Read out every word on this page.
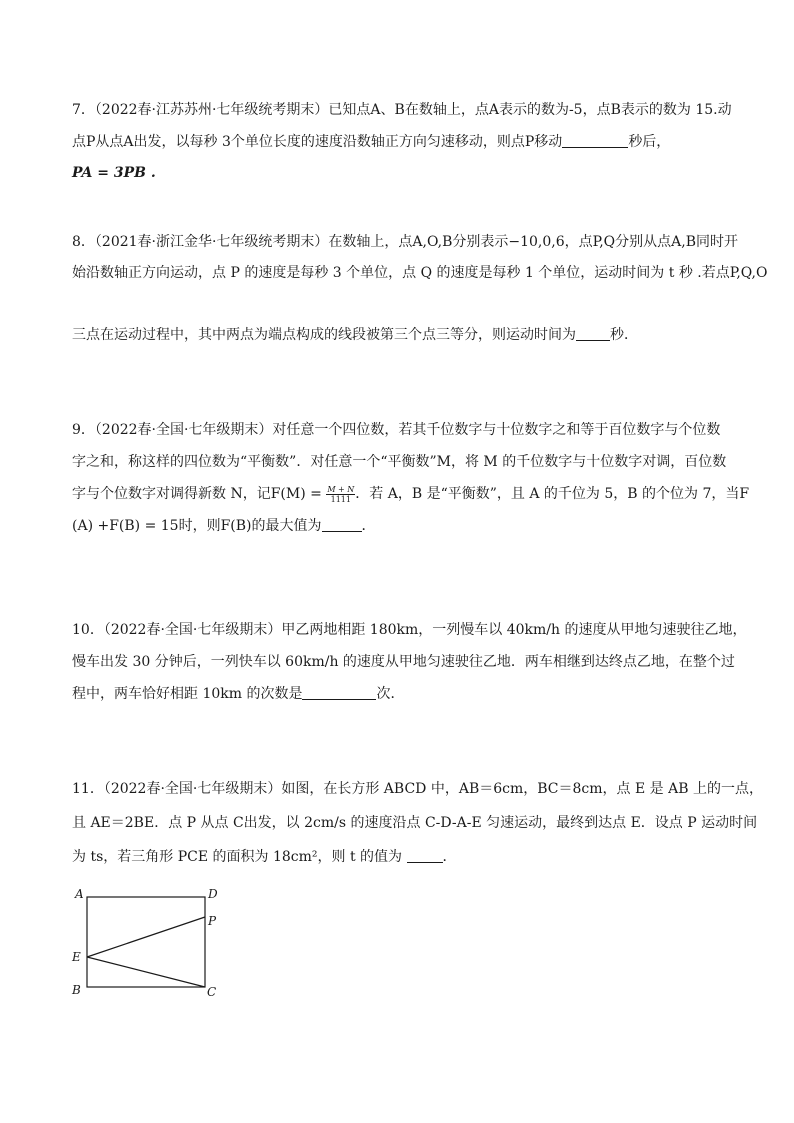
7．（2022春·江苏苏州·七年级统考期末）已知点A、B在数轴上，点A表示的数为-5，点B表示的数为 15.动
点P从点A出发，以每秒 3个单位长度的速度沿数轴正方向匀速移动，则点P移动	秒后，
PA = 3PB .
8．（2021春·浙江金华·七年级统考期末）在数轴上，点A,O,B分别表示−10,0,6，点P,Q分别从点A,B同时开
始沿数轴正方向运动，点 P 的速度是每秒 3 个单位，点 Q 的速度是每秒 1 个单位，运动时间为 t 秒 .若点P,Q,O
三点在运动过程中，其中两点为端点构成的线段被第三个点三等分，则运动时间为 秒．
9．（2022春·全国·七年级期末）对任意一个四位数，若其千位数字与十位数字之和等于百位数字与个位数
字之和，称这样的四位数为“平衡数”．对任意一个“平衡数”M，将 M 的千位数字与十位数字对调，百位数
字与个位数字对调得新数 N，记$F(M) = \frac{M + N}{1111}$ ．若 A，B 是“平衡数”，且 A 的千位为 5，B 的个位为 7，当F
(A) +F(B) = 15时，则F(B)的最大值为	．
10．（2022春·全国·七年级期末）甲乙两地相距 180km，一列慢车以 40km/h 的速度从甲地匀速驶往乙地，
慢车出发 30 分钟后，一列快车以 60km/h 的速度从甲地匀速驶往乙地．两车相继到达终点乙地，在整个过
程中，两车恰好相距 10km 的次数是	次．
11．（2022春·全国·七年级期末）如图，在长方形 ABCD 中，AB＝6cm，BC＝8cm，点 E 是 AB 上的一点，
且 AE＝2BE．点 P 从点 C出发，以 2cm/s 的速度沿点 C-D-A-E 匀速运动，最终到达点 E．设点 P 运动时间
为 ts，若三角形 PCE 的面积为 18cm²，则 t 的值为	．
A	D
P
E
B	C
